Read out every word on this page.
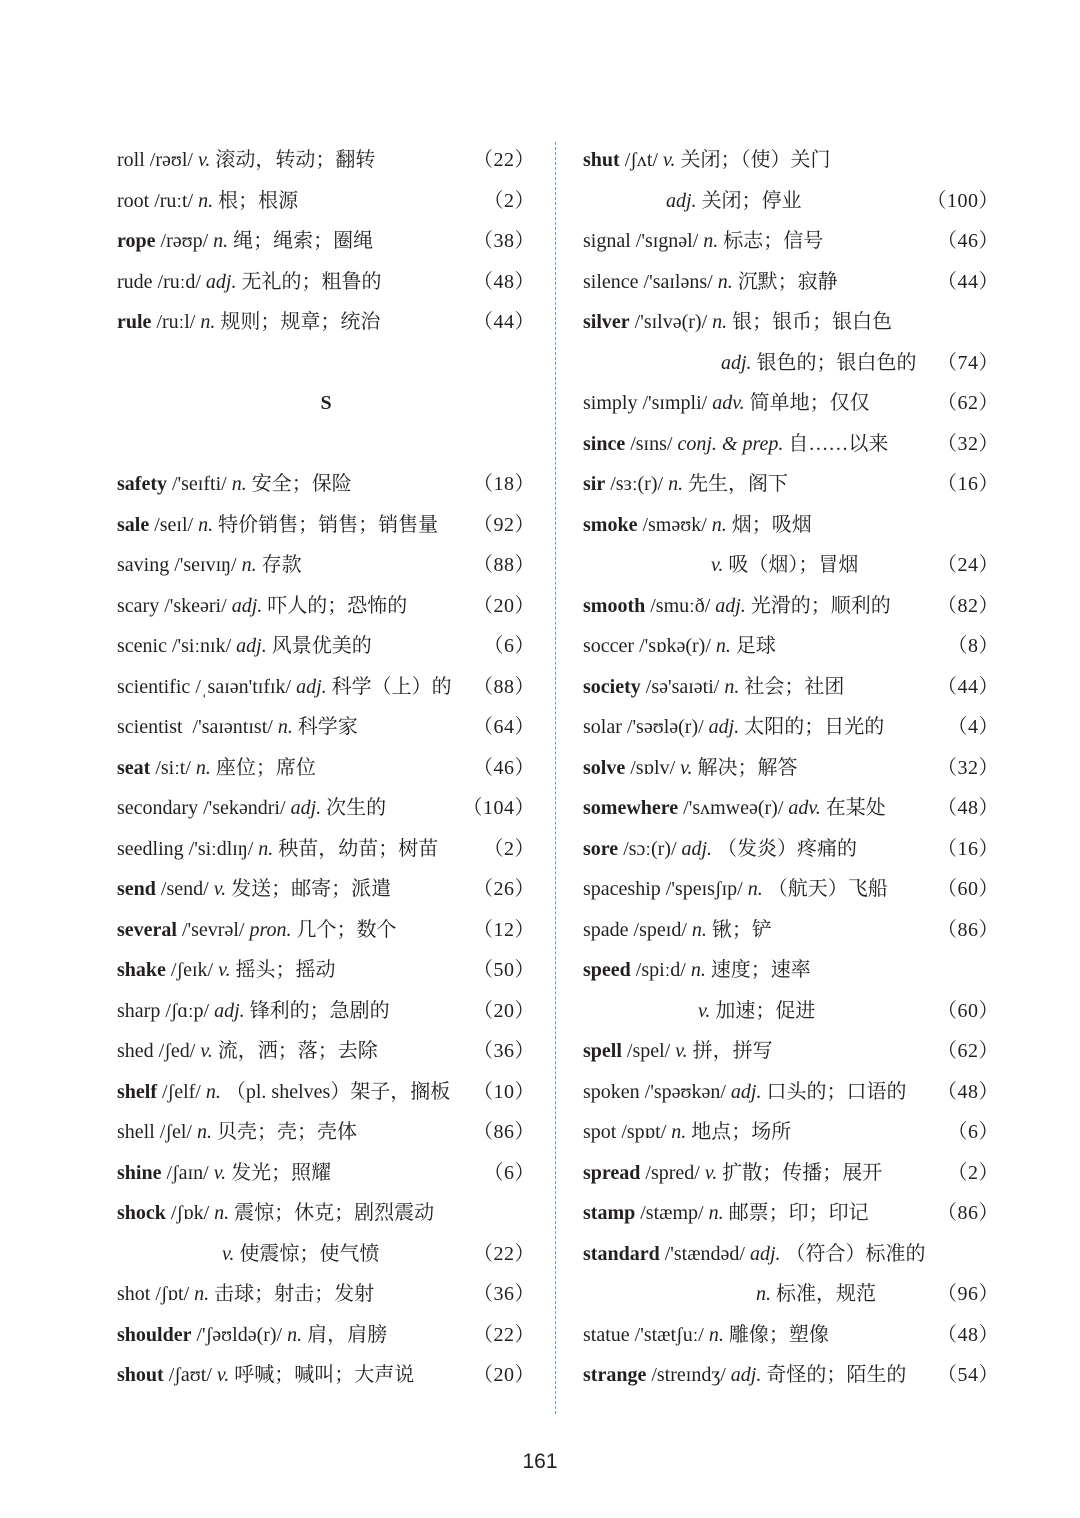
roll /rəʊl/ v. 滚动，转动；翻转	（22）
root /ruːt/ n. 根；根源	（2）
rope /rəʊp/ n. 绳；绳索；圈绳	（38）
rude /ruːd/ adj. 无礼的；粗鲁的	（48）
rule /ruːl/ n. 规则；规章；统治	（44）
S
safety /'seɪfti/ n. 安全；保险	（18）
sale /seɪl/ n. 特价销售；销售；销售量 （92）
saving /'seɪvɪŋ/ n. 存款	（88）
scary /'skeəri/ adj. 吓人的；恐怖的	（20）
scenic /'siːnɪk/ adj. 风景优美的	（6）
scientific /ˌsaɪən'tɪfɪk/ adj. 科学（上）的 （88）
scientist  /'saɪəntɪst/ n. 科学家	（64）
seat /siːt/ n. 座位；席位	（46）
secondary /'sekəndri/ adj. 次生的	（104）
seedling /'siːdlɪŋ/ n. 秧苗，幼苗；树苗 （2）
send /send/ v. 发送；邮寄；派遣	（26）
several /'sevrəl/ pron. 几个；数个	（12）
shake /ʃeɪk/ v. 摇头；摇动	（50）
sharp /ʃɑːp/ adj. 锋利的；急剧的	（20）
shed /ʃed/ v. 流，洒；落；去除	（36）
shelf /ʃelf/ n. （pl. shelves）架子，搁板 （10）
shell /ʃel/ n. 贝壳；壳；壳体	（86）
shine /ʃaɪn/ v. 发光；照耀	（6）
shock /ʃɒk/ n. 震惊；休克；剧烈震动
v. 使震惊；使气愤	（22）
shot /ʃɒt/ n. 击球；射击；发射	（36）
shoulder /'ʃəʊldə(r)/ n. 肩，肩膀	（22）
shout /ʃaʊt/ v. 呼喊；喊叫；大声说	（20）
shut /ʃʌt/ v. 关闭；（使）关门
adj. 关闭；停业	（100）
signal /'sɪgnəl/ n. 标志；信号	（46）
silence /'saɪləns/ n. 沉默；寂静	（44）
silver /'sɪlvə(r)/ n. 银；银币；银白色
adj. 银色的；银白色的 （74）
simply /'sɪmpli/ adv. 简单地；仅仅	（62）
since /sɪns/ conj. & prep. 自……以来 （32）
sir /sɜː(r)/ n. 先生，阁下	（16）
smoke /sməʊk/ n. 烟；吸烟
v. 吸（烟）；冒烟	（24）
smooth /smuːð/ adj. 光滑的；顺利的 （82）
soccer /'sɒkə(r)/ n. 足球	（8）
society /sə'saɪəti/ n. 社会；社团	（44）
solar /'səʊlə(r)/ adj. 太阳的；日光的	（4）
solve /sɒlv/ v. 解决；解答	（32）
somewhere /'sʌmweə(r)/ adv. 在某处	（48）
sore /sɔː(r)/ adj. （发炎）疼痛的	（16）
spaceship /'speɪsʃɪp/ n. （航天）飞船 （60）
spade /speɪd/ n. 锹；铲	（86）
speed /spiːd/ n. 速度；速率
v. 加速；促进	（60）
spell /spel/ v. 拼，拼写	（62）
spoken /'spəʊkən/ adj. 口头的；口语的 （48）
spot /spɒt/ n. 地点；场所	（6）
spread /spred/ v. 扩散；传播；展开	（2）
stamp /stæmp/ n. 邮票；印；印记	（86）
standard /'stændəd/ adj. （符合）标准的
n. 标准，规范	（96）
statue /'stætʃuː/ n. 雕像；塑像	（48）
strange /streɪndʒ/ adj. 奇怪的；陌生的 （54）
161
